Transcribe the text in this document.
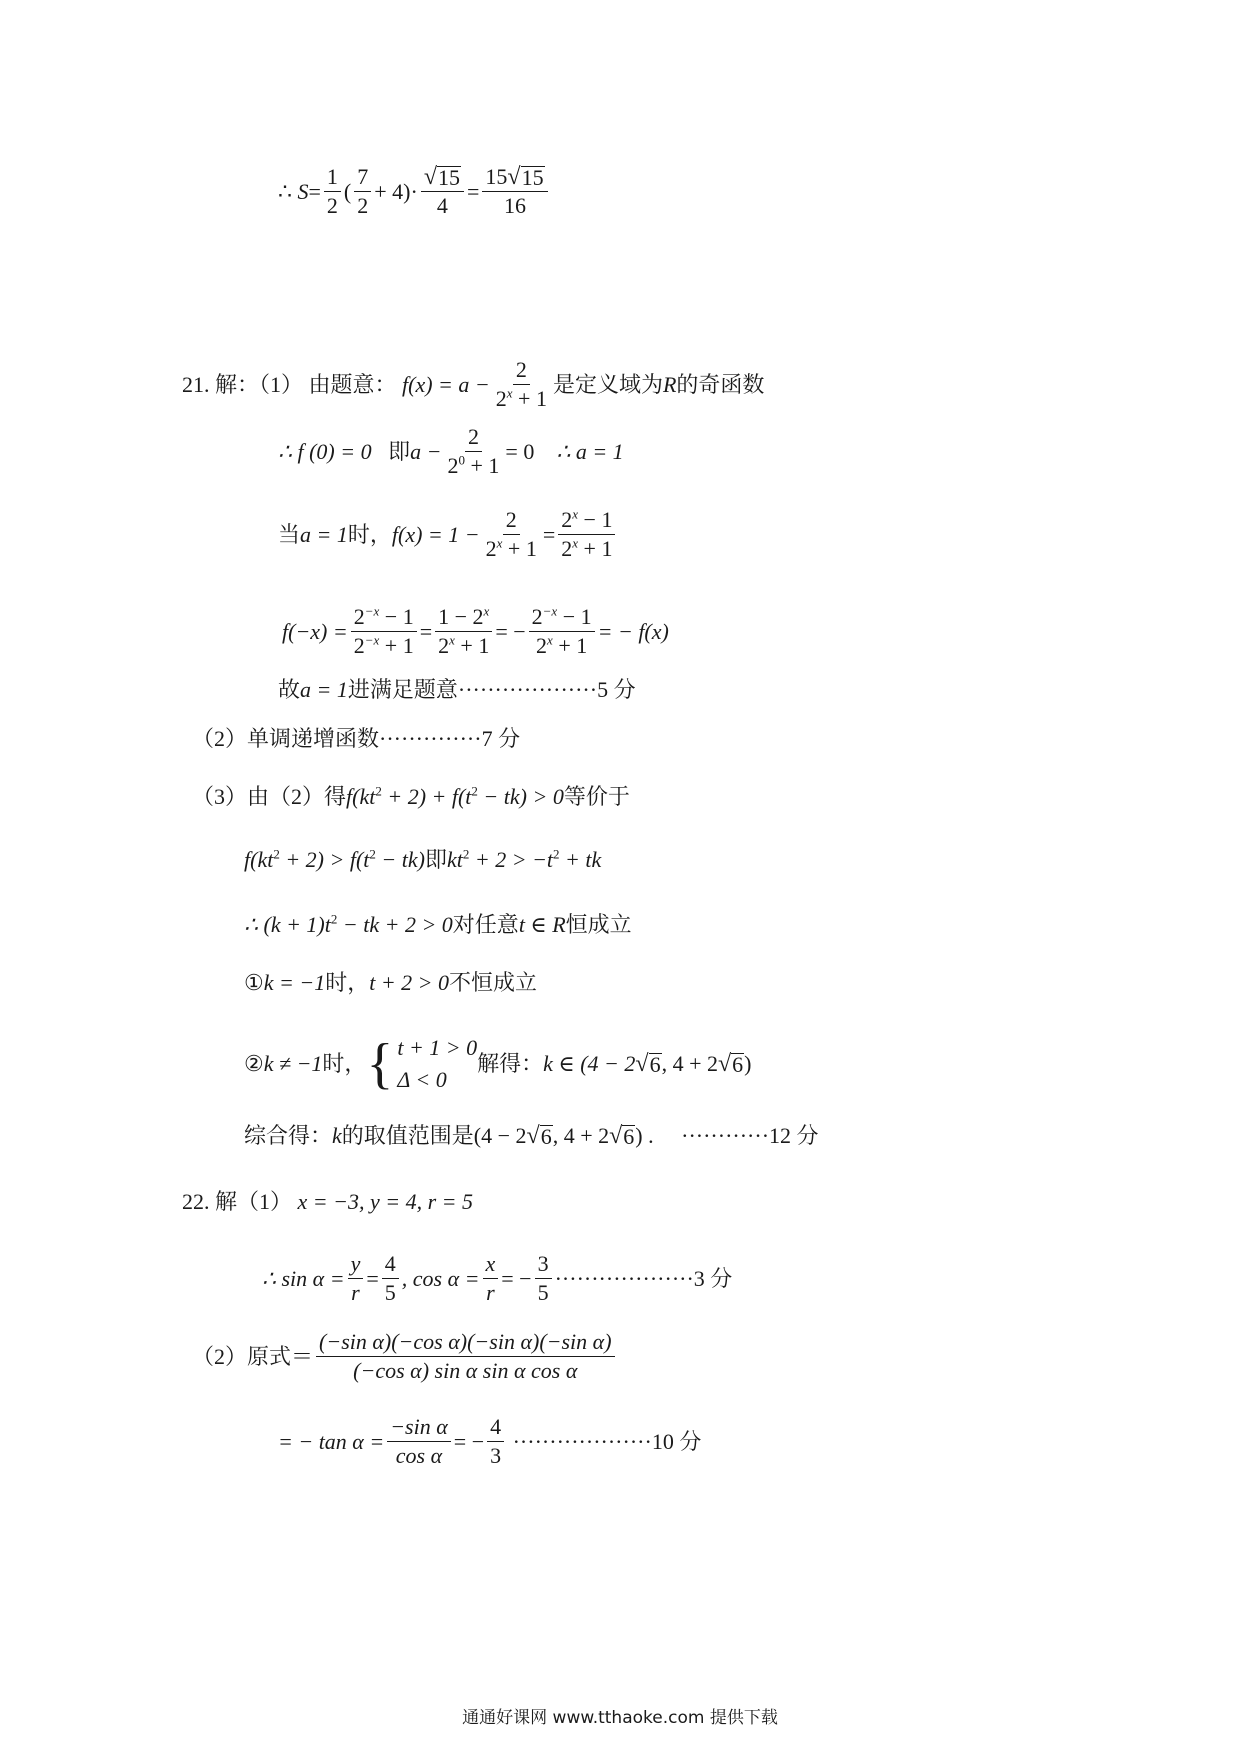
∴
$S = \frac{1}{2}$ ( $\frac{7}{2} + 4)\cdot \frac{√ 15}{4} = \frac{15 √ 15}{16}$
21. 解：（1） 由题意：
$f(x) = a - \frac{2}{2^x + 1}$ 是定义域为 R 的奇函数
∴ f (0) = 0
即 $a - \frac{2}{2^0 + 1} = 0$
∴ a = 1
当 a = 1 时， $f(x) = 1 - \frac{2}{2^x + 1} = \frac{2^x - 1}{2^x + 1}$
$f(-x) = \frac{2^{-x} - 1}{2^{-x} + 1} = \frac{1 - 2^x}{2^x + 1}$ = − $\frac{2^{-x} - 1}{2^x + 1}$ = − f(x)
故 a = 1 进满足题意 ··················· 5 分
（2）单调递增函数 ·············· 7 分
（3）由（2）得 $f(kt^2 + 2) + f(t^2 - tk) > 0$ 等价于
$f(kt^2 + 2) > f(t^2 - tk)$ 即 $kt^2 + 2 > -t^2$ + tk
∴ $(k + 1)t^2$ − tk + 2 > 0 对任意 t ∈ R 恒成立
① k = −1 时， t + 2 > 0 不恒成立
② k ≠ −1 时， { t + 1 > 0
Δ < 0
解得： k ∈ (4 − 2 √ 6 , 4 + 2 √ 6 )
综合得： k 的取值范围是 (4 − 2 √ 6 , 4 + 2 √ 6 ) .
············ 12 分
22. 解（1）
x = −3, y = 4, r = 5
∴ $\sin \alpha = \frac{y}{r} = \frac{4}{5}$ , $\cos \alpha = \frac{x}{r}$ = − $\frac{3}{5}$ ··················· 3 分
（2）原式＝ $\frac{\text{(−sin α)(−cos α)(−sin α)(−sin α)}}{\text{(−cos α) sin α sin α cos α}}$
= − $\tan \alpha = \frac{\text{−sin α}}{\text{cos α}}$ = − $\frac{4}{3}$
··················· 10 分
通通好课网 www.tthaoke.com 提供下载
